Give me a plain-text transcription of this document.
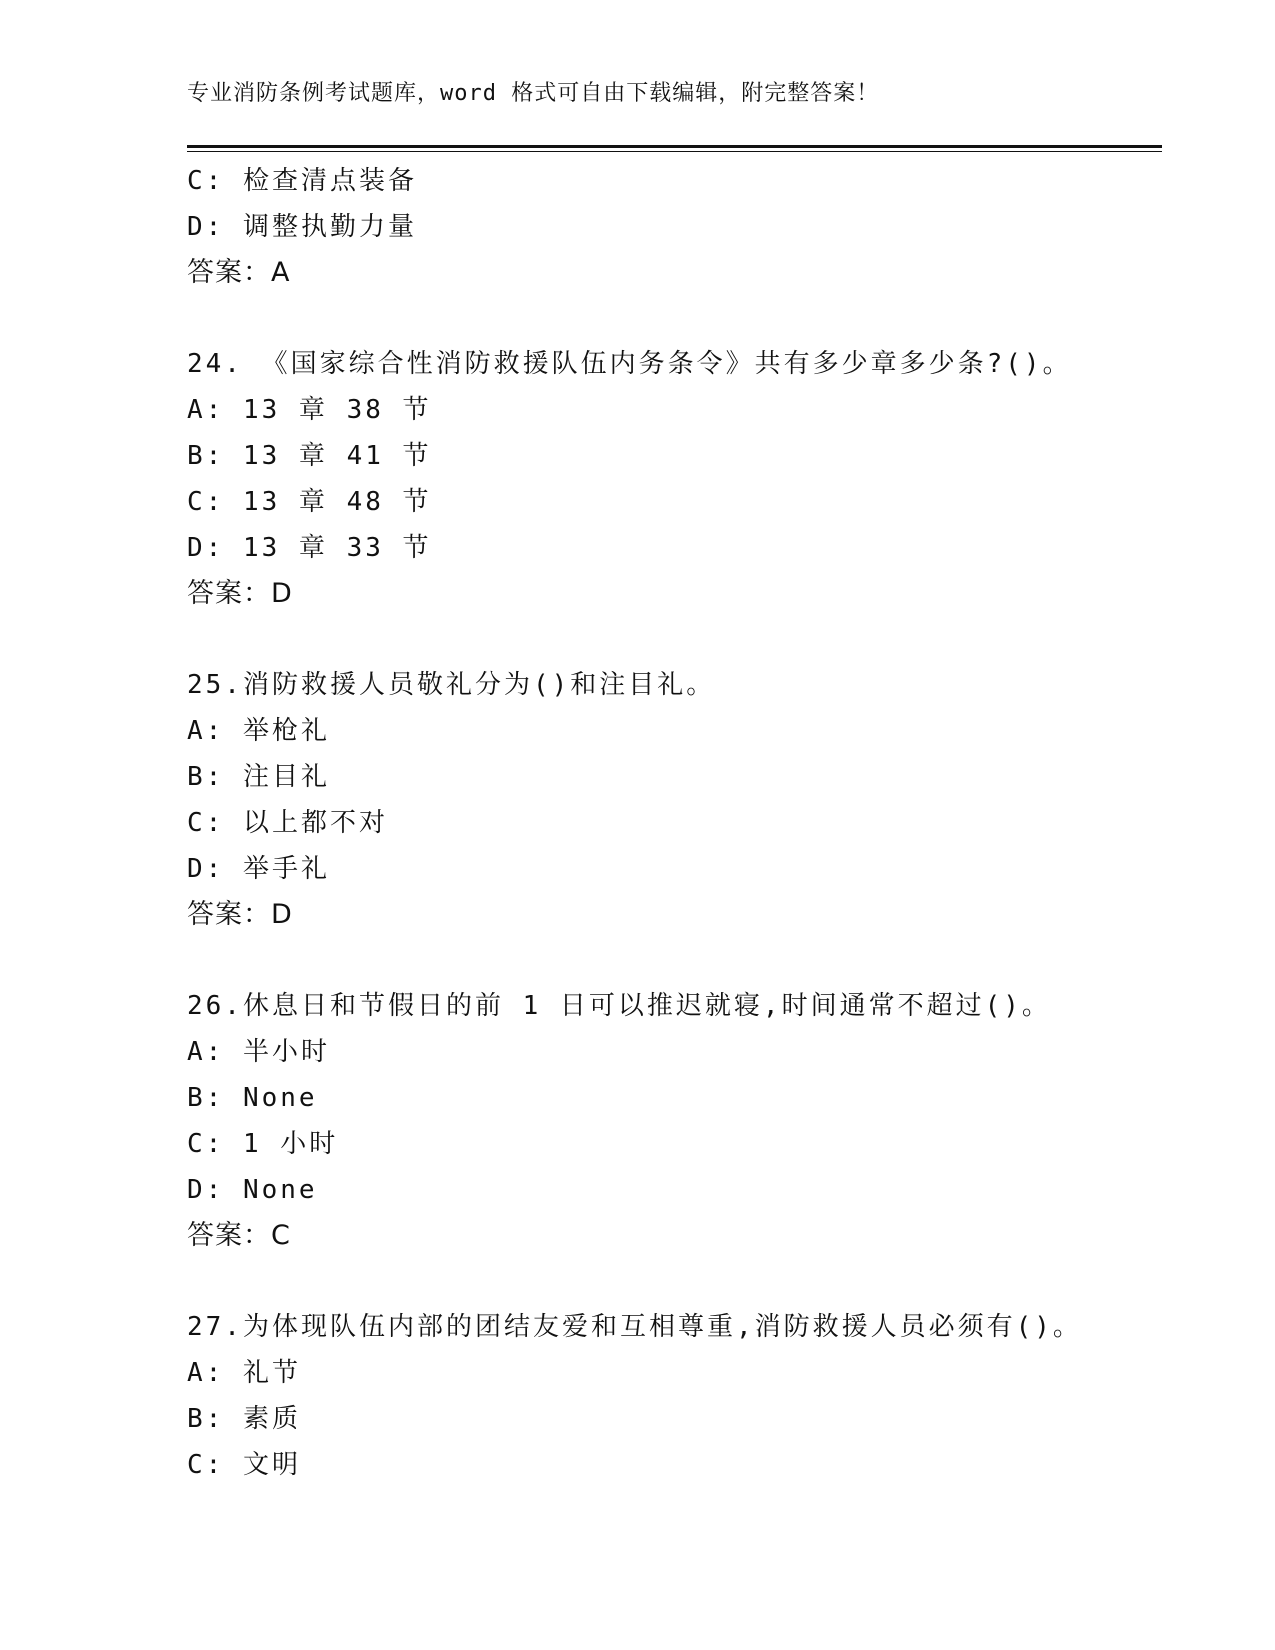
专业消防条例考试题库，word 格式可自由下载编辑，附完整答案！
C: 检查清点装备
D: 调整执勤力量
答案：A
24. 《国家综合性消防救援队伍内务条令》共有多少章多少条?()。
A: 13 章 38 节
B: 13 章 41 节
C: 13 章 48 节
D: 13 章 33 节
答案：D
25.消防救援人员敬礼分为()和注目礼。
A: 举枪礼
B: 注目礼
C: 以上都不对
D: 举手礼
答案：D
26.休息日和节假日的前 1 日可以推迟就寝,时间通常不超过()。
A: 半小时
B: None
C: 1 小时
D: None
答案：C
27.为体现队伍内部的团结友爱和互相尊重,消防救援人员必须有()。
A: 礼节
B: 素质
C: 文明
